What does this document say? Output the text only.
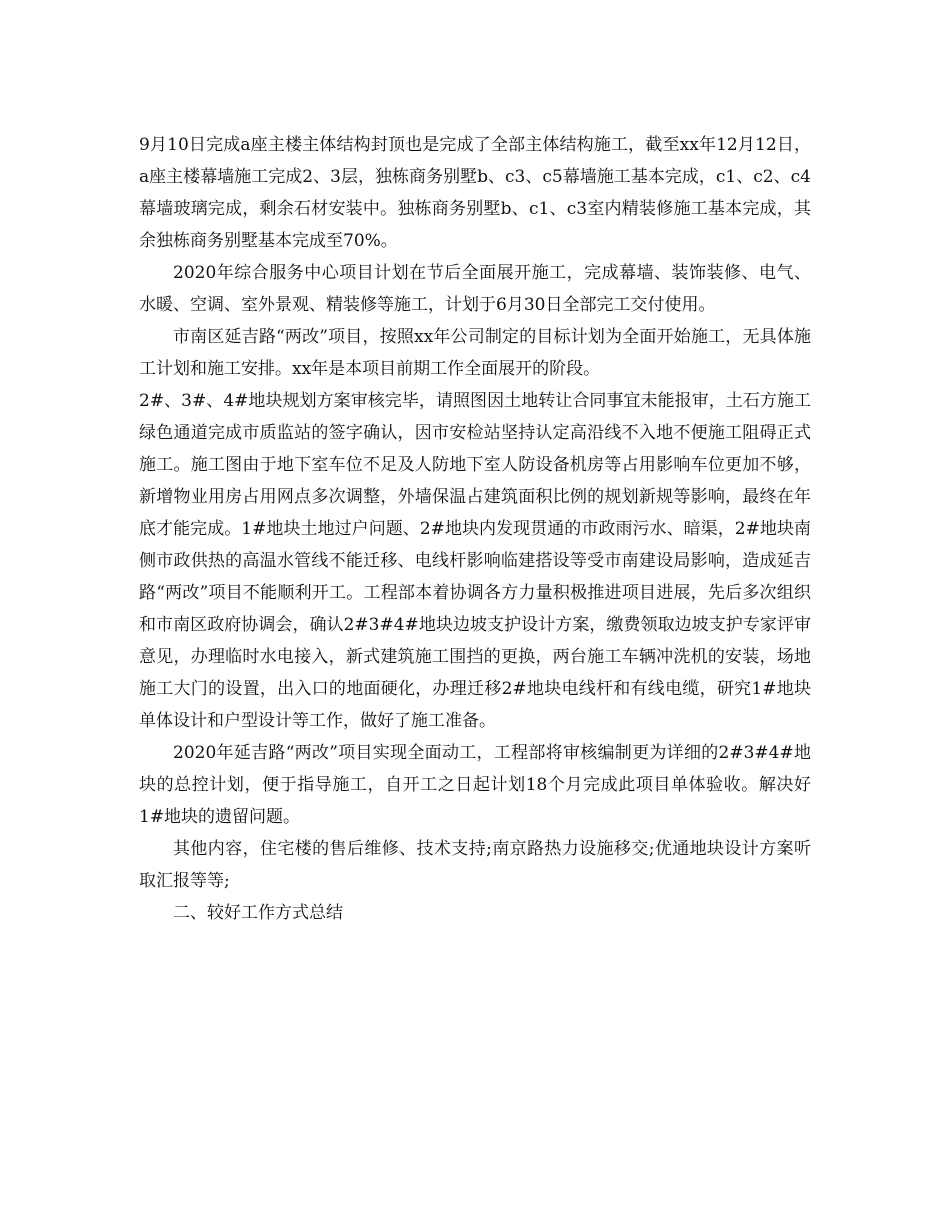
9月10日完成a座主楼主体结构封顶也是完成了全部主体结构施工，截至xx年12月12日，a座主楼幕墙施工完成2、3层，独栋商务别墅b、c3、c5幕墙施工基本完成，c1、c2、c4幕墙玻璃完成，剩余石材安装中。独栋商务别墅b、c1、c3室内精装修施工基本完成，其余独栋商务别墅基本完成至70%。

2020年综合服务中心项目计划在节后全面展开施工，完成幕墙、装饰装修、电气、水暖、空调、室外景观、精装修等施工，计划于6月30日全部完工交付使用。

市南区延吉路“两改”项目，按照xx年公司制定的目标计划为全面开始施工，无具体施工计划和施工安排。xx年是本项目前期工作全面展开的阶段。

2#、3#、4#地块规划方案审核完毕，请照图因土地转让合同事宜未能报审，土石方施工绿色通道完成市质监站的签字确认，因市安检站坚持认定高沿线不入地不便施工阻碍正式施工。施工图由于地下室车位不足及人防地下室人防设备机房等占用影响车位更加不够，新增物业用房占用网点多次调整，外墙保温占建筑面积比例的规划新规等影响，最终在年底才能完成。1#地块土地过户问题、2#地块内发现贯通的市政雨污水、暗渠，2#地块南侧市政供热的高温水管线不能迁移、电线杆影响临建搭设等受市南建设局影响，造成延吉路“两改”项目不能顺利开工。工程部本着协调各方力量积极推进项目进展，先后多次组织和市南区政府协调会，确认2#3#4#地块边坡支护设计方案，缴费领取边坡支护专家评审意见，办理临时水电接入，新式建筑施工围挡的更换，两台施工车辆冲洗机的安装，场地施工大门的设置，出入口的地面硬化，办理迁移2#地块电线杆和有线电缆，研究1#地块单体设计和户型设计等工作，做好了施工准备。

2020年延吉路“两改”项目实现全面动工，工程部将审核编制更为详细的2#3#4#地块的总控计划，便于指导施工，自开工之日起计划18个月完成此项目单体验收。解决好1#地块的遗留问题。

其他内容，住宅楼的售后维修、技术支持;南京路热力设施移交;优通地块设计方案听取汇报等等;

二、较好工作方式总结
